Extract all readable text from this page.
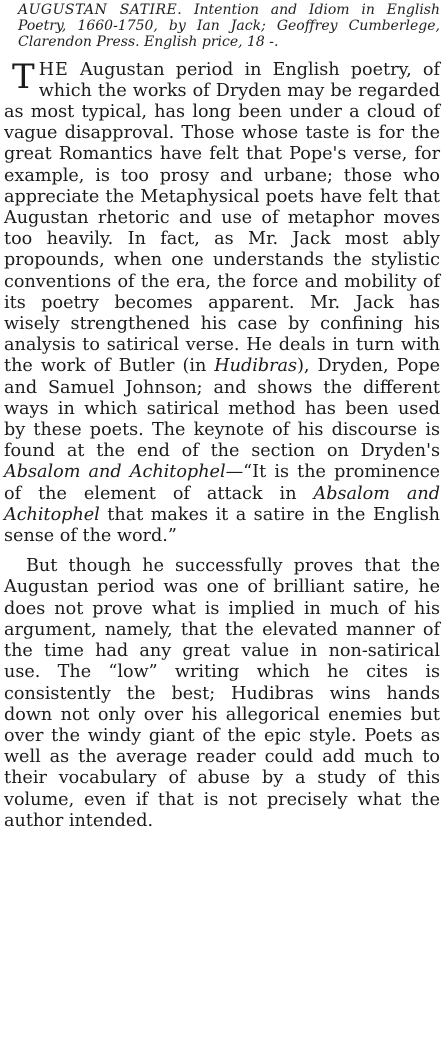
AUGUSTAN SATIRE. Intention and Idiom in English Poetry, 1660-1750, by Ian Jack; Geoffrey Cumberlege, Clarendon Press. English price, 18 -.

THE Augustan period in English poetry, of which the works of Dryden may be regarded as most typical, has long been under a cloud of vague disapproval. Those whose taste is for the great Romantics have felt that Pope's verse, for example, is too prosy and urbane; those who appreciate the Metaphysical poets have felt that Augustan rhetoric and use of metaphor moves too heavily. In fact, as Mr. Jack most ably propounds, when one understands the stylistic conventions of the era, the force and mobility of its poetry becomes apparent. Mr. Jack has wisely strengthened his case by confining his analysis to satirical verse. He deals in turn with the work of Butler (in Hudibras), Dryden, Pope and Samuel Johnson; and shows the different ways in which satirical method has been used by these poets. The keynote of his discourse is found at the end of the section on Dryden's Absalom and Achitophel—“It is the prominence of the element of attack in Absalom and Achitophel that makes it a satire in the English sense of the word.”

But though he successfully proves that the Augustan period was one of brilliant satire, he does not prove what is implied in much of his argument, namely, that the elevated manner of the time had any great value in non-satirical use. The “low” writing which he cites is consistently the best; Hudibras wins hands down not only over his allegorical enemies but over the windy giant of the epic style. Poets as well as the average reader could add much to their vocabulary of abuse by a study of this volume, even if that is not precisely what the author intended.
